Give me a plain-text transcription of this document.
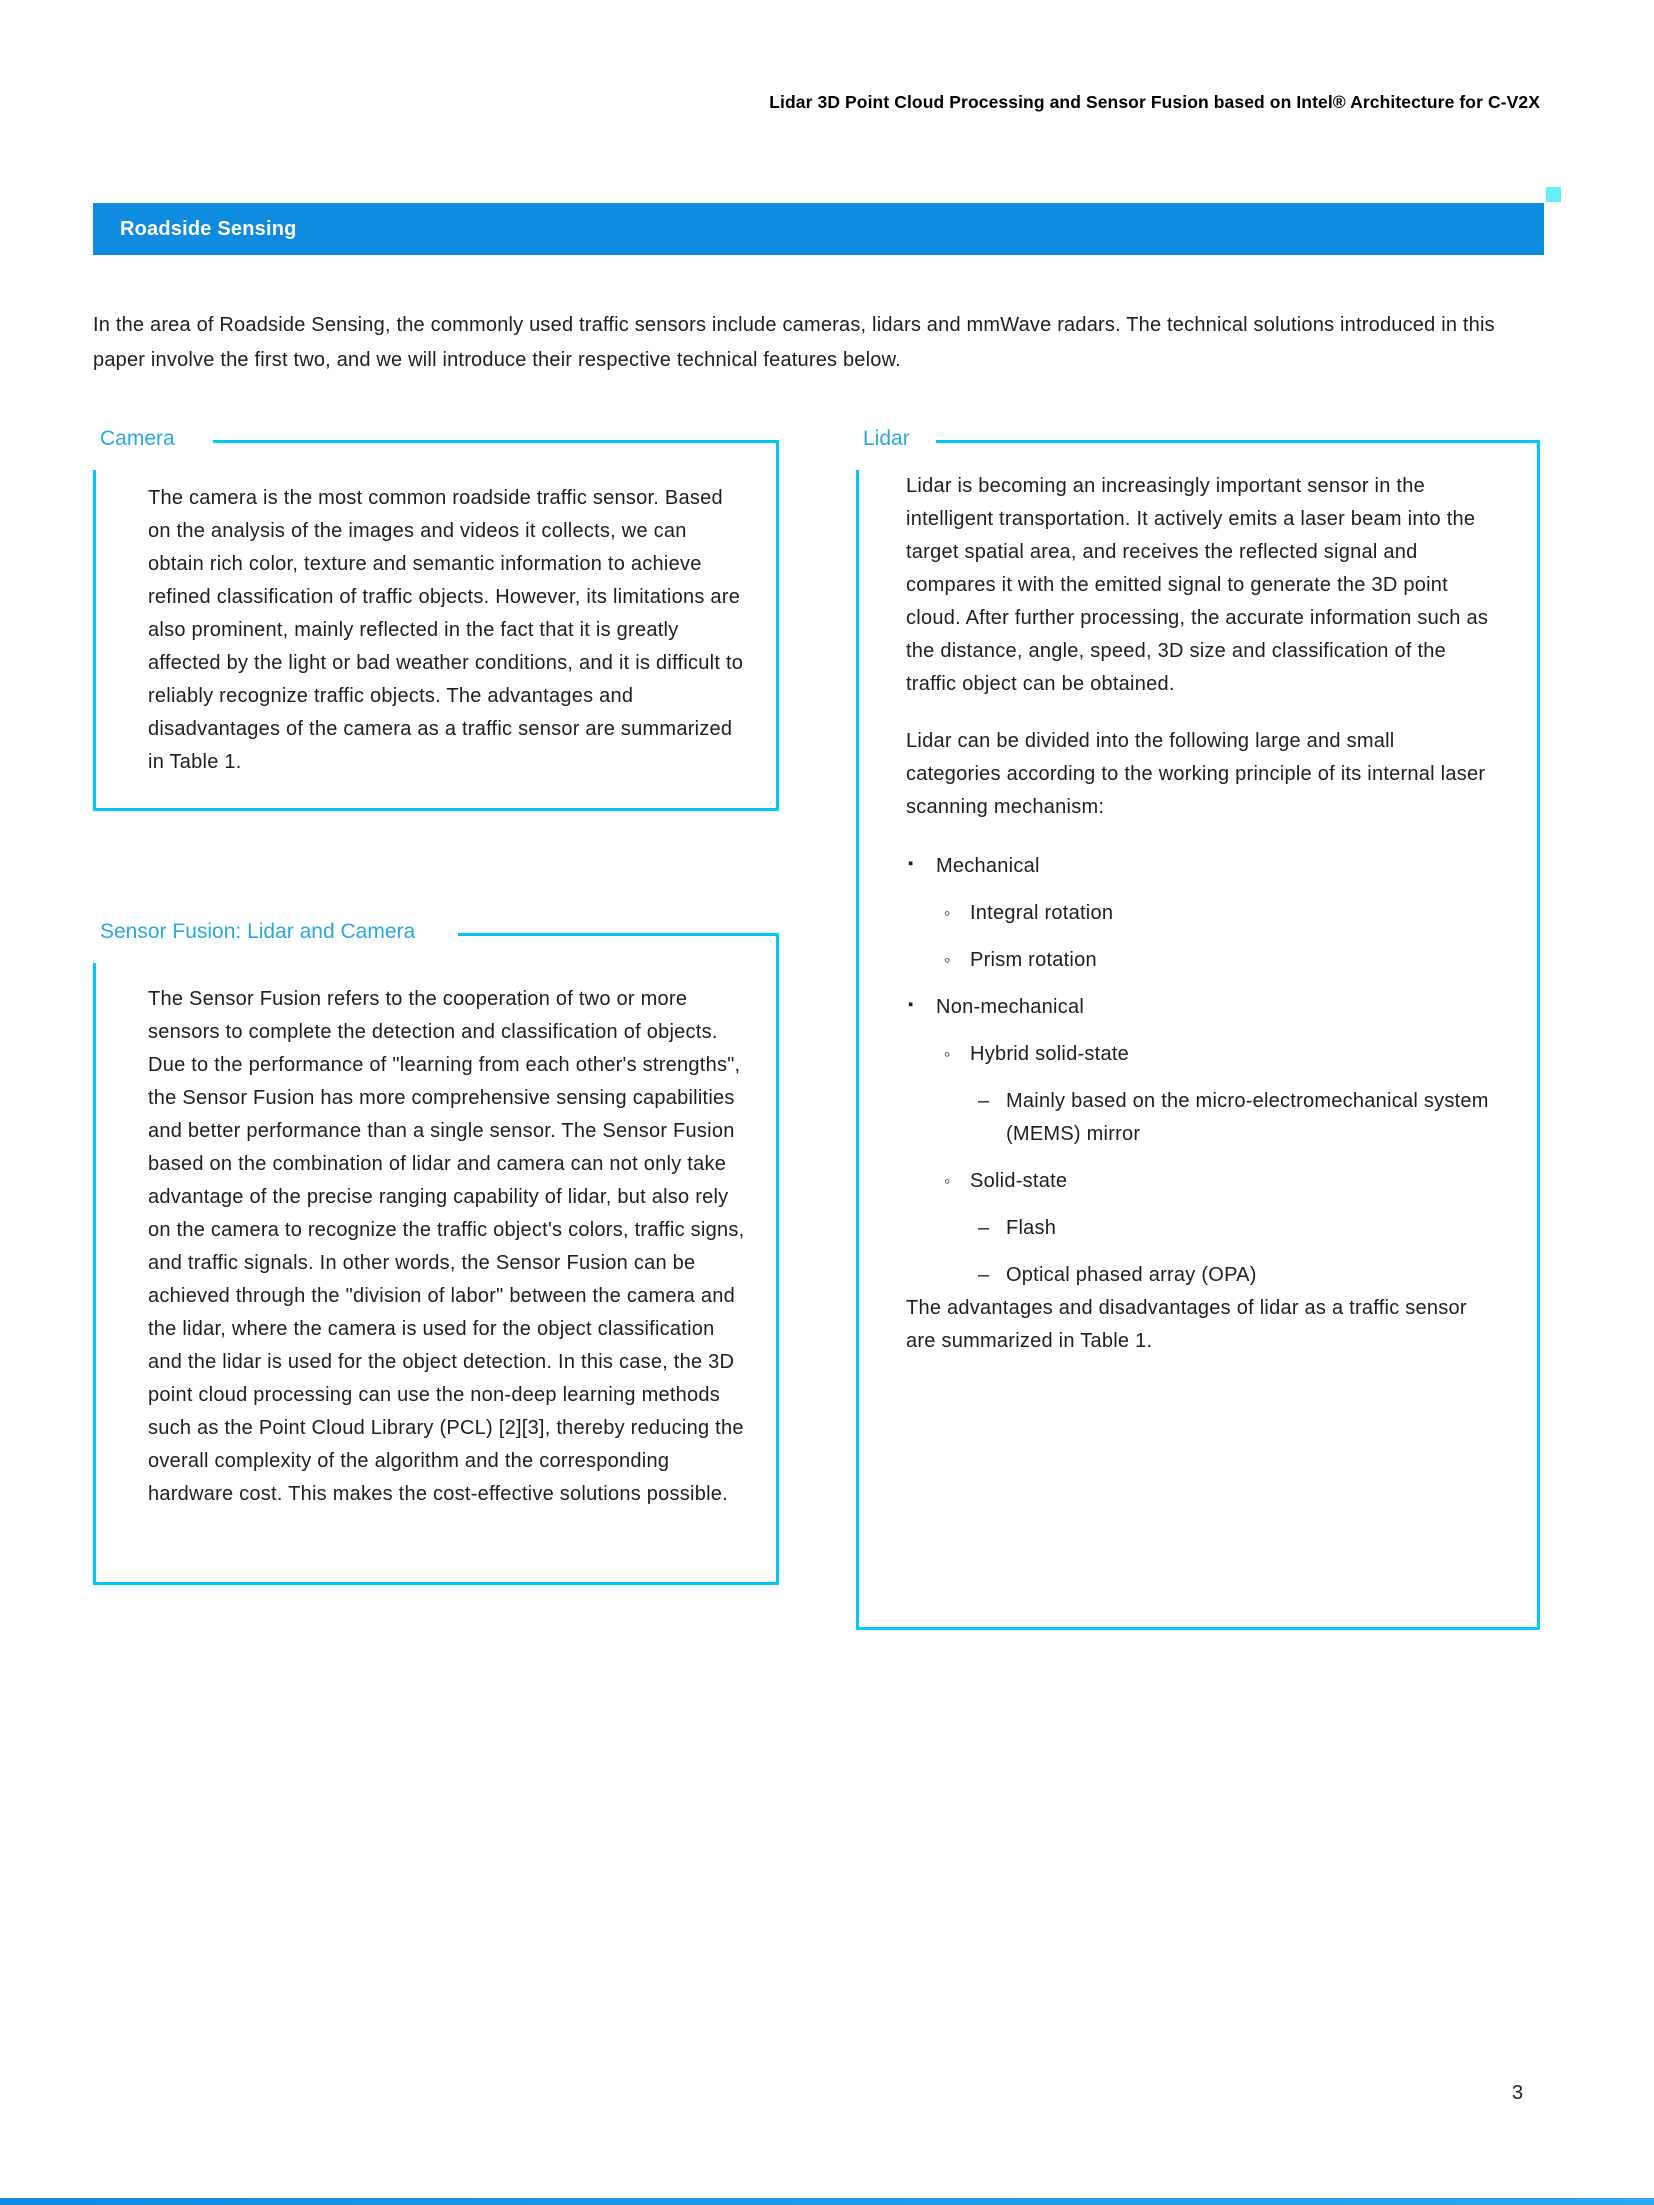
Lidar 3D Point Cloud Processing and Sensor Fusion based on Intel® Architecture for C-V2X
Roadside Sensing

In the area of Roadside Sensing, the commonly used traffic sensors include cameras, lidars and mmWave radars. The technical solutions introduced in this paper involve the first two, and we will introduce their respective technical features below.

Camera

The camera is the most common roadside traffic sensor. Based on the analysis of the images and videos it collects, we can obtain rich color, texture and semantic information to achieve refined classification of traffic objects. However, its limitations are also prominent, mainly reflected in the fact that it is greatly affected by the light or bad weather conditions, and it is difficult to reliably recognize traffic objects. The advantages and disadvantages of the camera as a traffic sensor are summarized in Table 1.

Sensor Fusion: Lidar and Camera

The Sensor Fusion refers to the cooperation of two or more sensors to complete the detection and classification of objects. Due to the performance of "learning from each other's strengths", the Sensor Fusion has more comprehensive sensing capabilities and better performance than a single sensor. The Sensor Fusion based on the combination of lidar and camera can not only take advantage of the precise ranging capability of lidar, but also rely on the camera to recognize the traffic object's colors, traffic signs, and traffic signals. In other words, the Sensor Fusion can be achieved through the "division of labor" between the camera and the lidar, where the camera is used for the object classification and the lidar is used for the object detection. In this case, the 3D point cloud processing can use the non-deep learning methods such as the Point Cloud Library (PCL) [2][3], thereby reducing the overall complexity of the algorithm and the corresponding hardware cost. This makes the cost-effective solutions possible.

Lidar

Lidar is becoming an increasingly important sensor in the intelligent transportation. It actively emits a laser beam into the target spatial area, and receives the reflected signal and compares it with the emitted signal to generate the 3D point cloud. After further processing, the accurate information such as the distance, angle, speed, 3D size and classification of the traffic object can be obtained.

Lidar can be divided into the following large and small categories according to the working principle of its internal laser scanning mechanism:

▪ Mechanical
◦ Integral rotation
◦ Prism rotation
▪ Non-mechanical
◦ Hybrid solid-state
– Mainly based on the micro-electromechanical system (MEMS) mirror
◦ Solid-state
– Flash
– Optical phased array (OPA)

The advantages and disadvantages of lidar as a traffic sensor are summarized in Table 1.

3
